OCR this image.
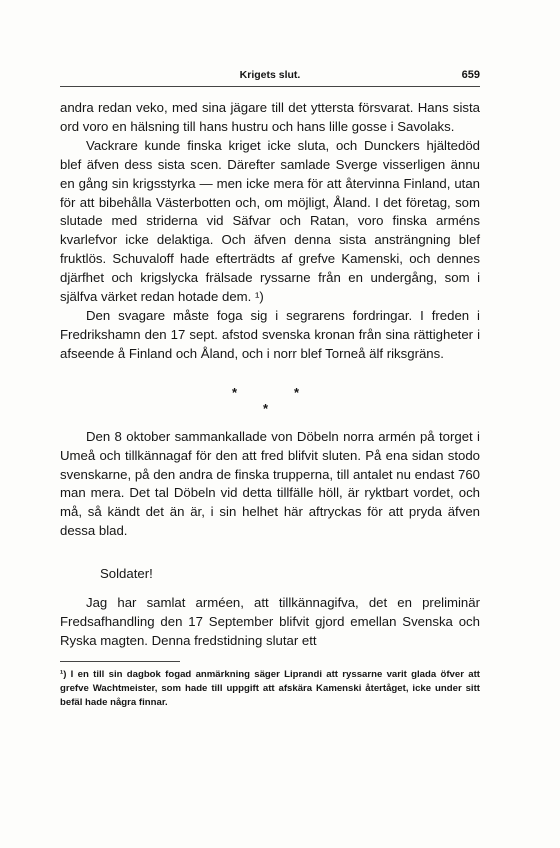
Krigets slut.	659

andra redan veko, med sina jägare till det yttersta försvarat. Hans sista ord voro en hälsning till hans hustru och hans lille gosse i Savolaks.

Vackrare kunde finska kriget icke sluta, och Dunckers hjältedöd blef äfven dess sista scen. Därefter samlade Sverge visserligen ännu en gång sin krigsstyrka — men icke mera för att återvinna Finland, utan för att bibehålla Västerbotten och, om möjligt, Åland. I det företag, som slutade med striderna vid Säfvar och Ratan, voro finska arméns kvarlefvor icke delaktiga. Och äfven denna sista ansträngning blef fruktlös. Schuvaloff hade efterträdts af grefve Kamenski, och dennes djärfhet och krigslycka frälsade ryssarne från en undergång, som i själfva värket redan hotade dem. ¹)

Den svagare måste foga sig i segrarens fordringar. I freden i Fredrikshamn den 17 sept. afstod svenska kronan från sina rättigheter i afseende å Finland och Åland, och i norr blef Torneå älf riksgräns.

*	*
*

Den 8 oktober sammankallade von Döbeln norra armén på torget i Umeå och tillkännagaf för den att fred blifvit sluten. På ena sidan stodo svenskarne, på den andra de finska trupperna, till antalet nu endast 760 man mera. Det tal Döbeln vid detta tillfälle höll, är ryktbart vordet, och må, så kändt det än är, i sin helhet här aftryckas för att pryda äfven dessa blad.

Soldater!

Jag har samlat arméen, att tillkännagifva, det en preliminär Fredsafhandling den 17 September blifvit gjord emellan Svenska och Ryska magten. Denna fredstidning slutar ett

¹) I en till sin dagbok fogad anmärkning säger Liprandi att ryssarne varit glada öfver att grefve Wachtmeister, som hade till uppgift att afskära Kamenski återtåget, icke under sitt befäl hade några finnar.
